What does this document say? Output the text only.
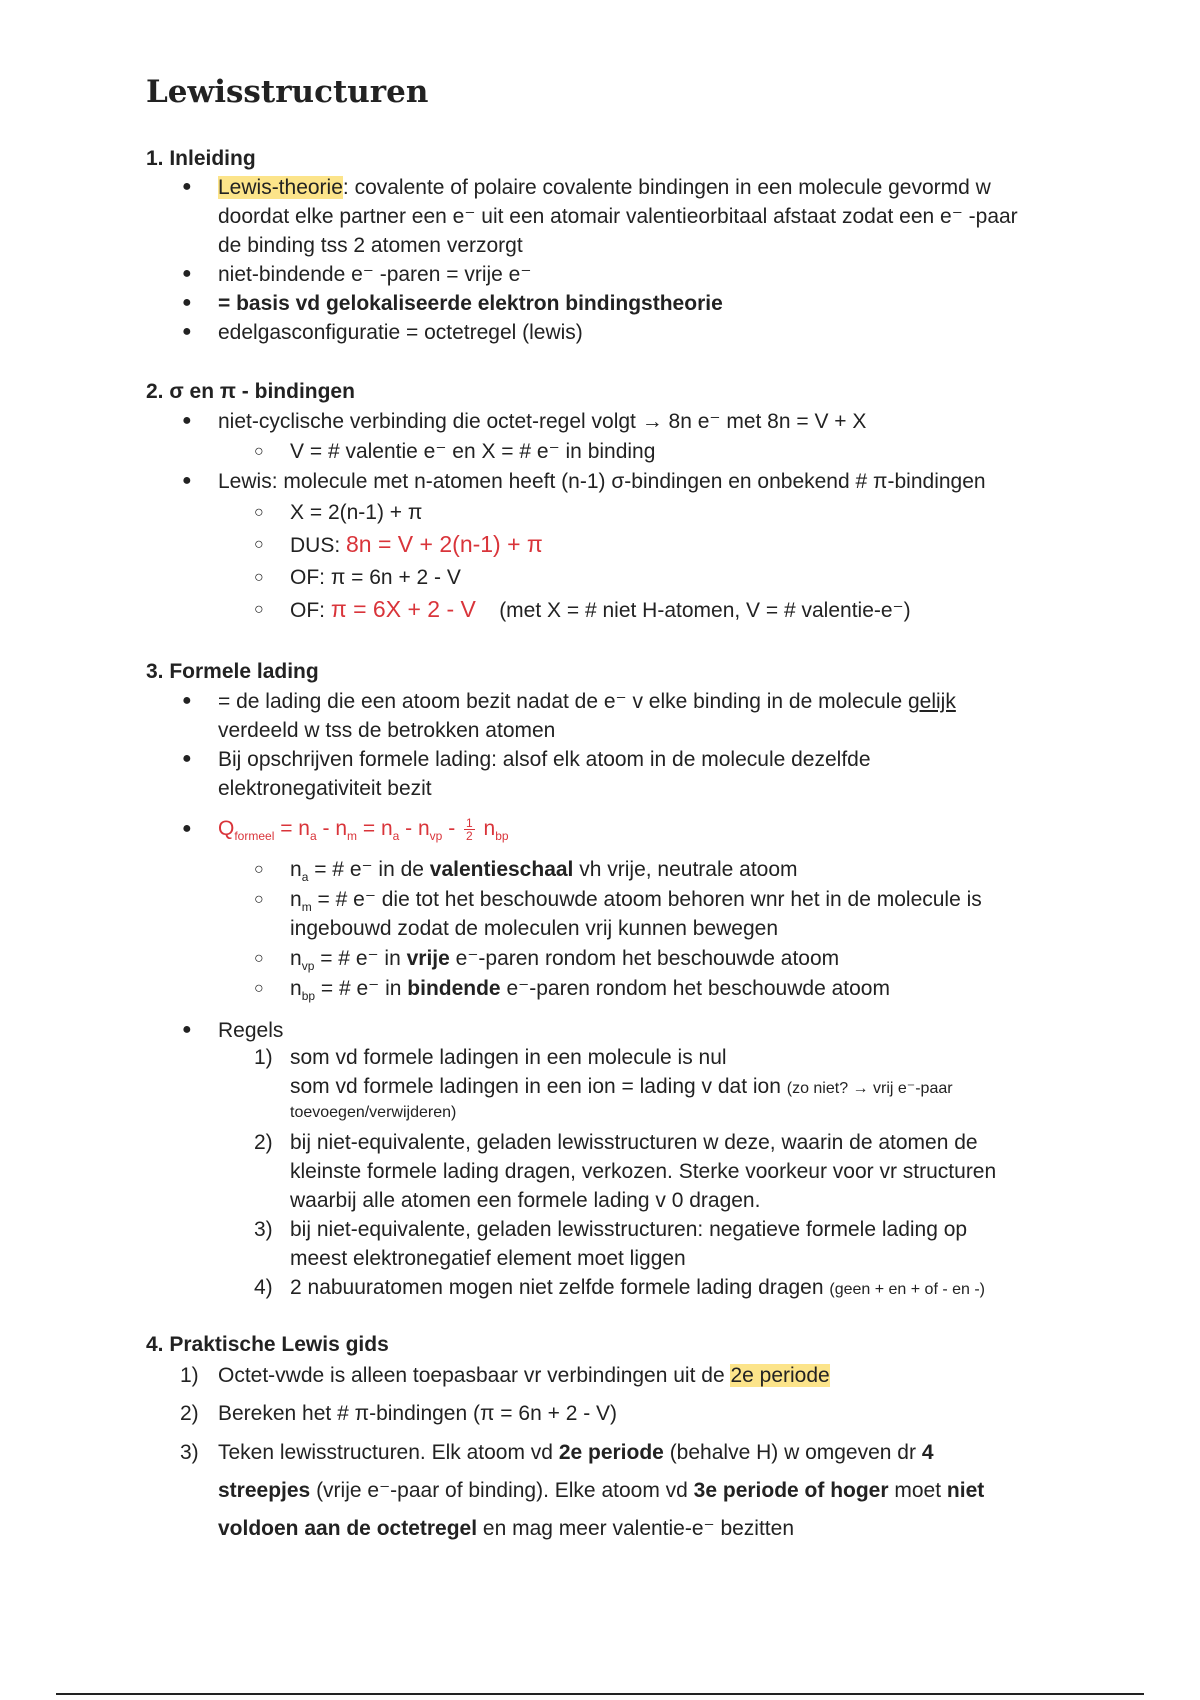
Lewisstructuren
1. Inleiding
● Lewis-theorie: covalente of polaire covalente bindingen in een molecule gevormd w
doordat elke partner een e⁻ uit een atomair valentieorbitaal afstaat zodat een e⁻ -paar
de binding tss 2 atomen verzorgt
● niet-bindende e⁻ -paren = vrije e⁻
● = basis vd gelokaliseerde elektron bindingstheorie
● edelgasconfiguratie = octetregel (lewis)
2. σ en π - bindingen
● niet-cyclische verbinding die octet-regel volgt → 8n e⁻ met 8n = V + X
○ V = # valentie e⁻ en X = # e⁻ in binding
● Lewis: molecule met n-atomen heeft (n-1) σ-bindingen en onbekend # π-bindingen
○ X = 2(n-1) + π
○ DUS: 8n = V + 2(n-1) + π
○ OF: π = 6n + 2 - V
○ OF: π = 6X + 2 - V (met X = # niet H-atomen, V = # valentie-e⁻)
3. Formele lading
● = de lading die een atoom bezit nadat de e⁻ v elke binding in de molecule gelijk
verdeeld w tss de betrokken atomen
● Bij opschrijven formele lading: alsof elk atoom in de molecule dezelfde
elektronegativiteit bezit
● $Q_{formeel} = n_a - n_m = n_a - n_{vp} - \frac{1}{2} n_{bp}$
○ $n_a$ = # e⁻ in de valentieschaal vh vrije, neutrale atoom
○ $n_m$ = # e⁻ die tot het beschouwde atoom behoren wnr het in de molecule is
ingebouwd zodat de moleculen vrij kunnen bewegen
○ $n_{vp}$ = # e⁻ in vrije e⁻-paren rondom het beschouwde atoom
○ $n_{bp}$ = # e⁻ in bindende e⁻-paren rondom het beschouwde atoom
● Regels
1) som vd formele ladingen in een molecule is nul
som vd formele ladingen in een ion = lading v dat ion (zo niet? → vrij e⁻-paar
toevoegen/verwijderen)
2) bij niet-equivalente, geladen lewisstructuren w deze, waarin de atomen de
kleinste formele lading dragen, verkozen. Sterke voorkeur voor vr structuren
waarbij alle atomen een formele lading v 0 dragen.
3) bij niet-equivalente, geladen lewisstructuren: negatieve formele lading op
meest elektronegatief element moet liggen
4) 2 nabuuratomen mogen niet zelfde formele lading dragen (geen + en + of - en -)
4. Praktische Lewis gids
1) Octet-vwde is alleen toepasbaar vr verbindingen uit de 2e periode
2) Bereken het # π-bindingen (π = 6n + 2 - V)
3) Teken lewisstructuren. Elk atoom vd 2e periode (behalve H) w omgeven dr 4
streepjes (vrije e⁻-paar of binding). Elke atoom vd 3e periode of hoger moet niet
voldoen aan de octetregel en mag meer valentie-e⁻ bezitten
